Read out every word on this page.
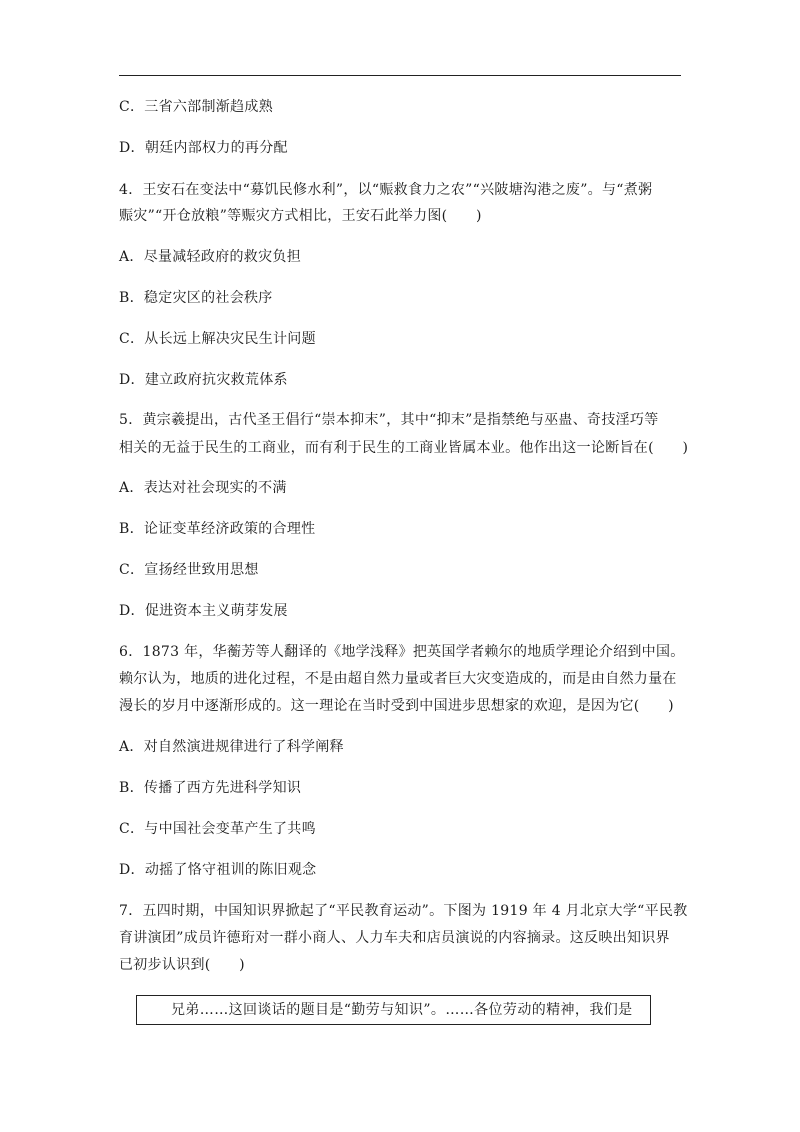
C．三省六部制渐趋成熟
D．朝廷内部权力的再分配
4．王安石在变法中“募饥民修水利”，以“赈救食力之农”“兴陂塘沟港之废”。与“煮粥
赈灾”“开仓放粮”等赈灾方式相比，王安石此举力图(　　)
A．尽量减轻政府的救灾负担
B．稳定灾区的社会秩序
C．从长远上解决灾民生计问题
D．建立政府抗灾救荒体系
5．黄宗羲提出，古代圣王倡行“崇本抑末”，其中“抑末”是指禁绝与巫蛊、奇技淫巧等
相关的无益于民生的工商业，而有利于民生的工商业皆属本业。他作出这一论断旨在(　　)
A．表达对社会现实的不满
B．论证变革经济政策的合理性
C．宣扬经世致用思想
D．促进资本主义萌芽发展
6．1873 年，华蘅芳等人翻译的《地学浅释》把英国学者赖尔的地质学理论介绍到中国。
赖尔认为，地质的进化过程，不是由超自然力量或者巨大灾变造成的，而是由自然力量在
漫长的岁月中逐渐形成的。这一理论在当时受到中国进步思想家的欢迎，是因为它(　　)
A．对自然演进规律进行了科学阐释
B．传播了西方先进科学知识
C．与中国社会变革产生了共鸣
D．动摇了恪守祖训的陈旧观念
7．五四时期，中国知识界掀起了“平民教育运动”。下图为 1919 年 4 月北京大学“平民教
育讲演团”成员许德珩对一群小商人、人力车夫和店员演说的内容摘录。这反映出知识界
已初步认识到(　　)
兄弟……这回谈话的题目是“勤劳与知识”。……各位劳动的精神，我们是
